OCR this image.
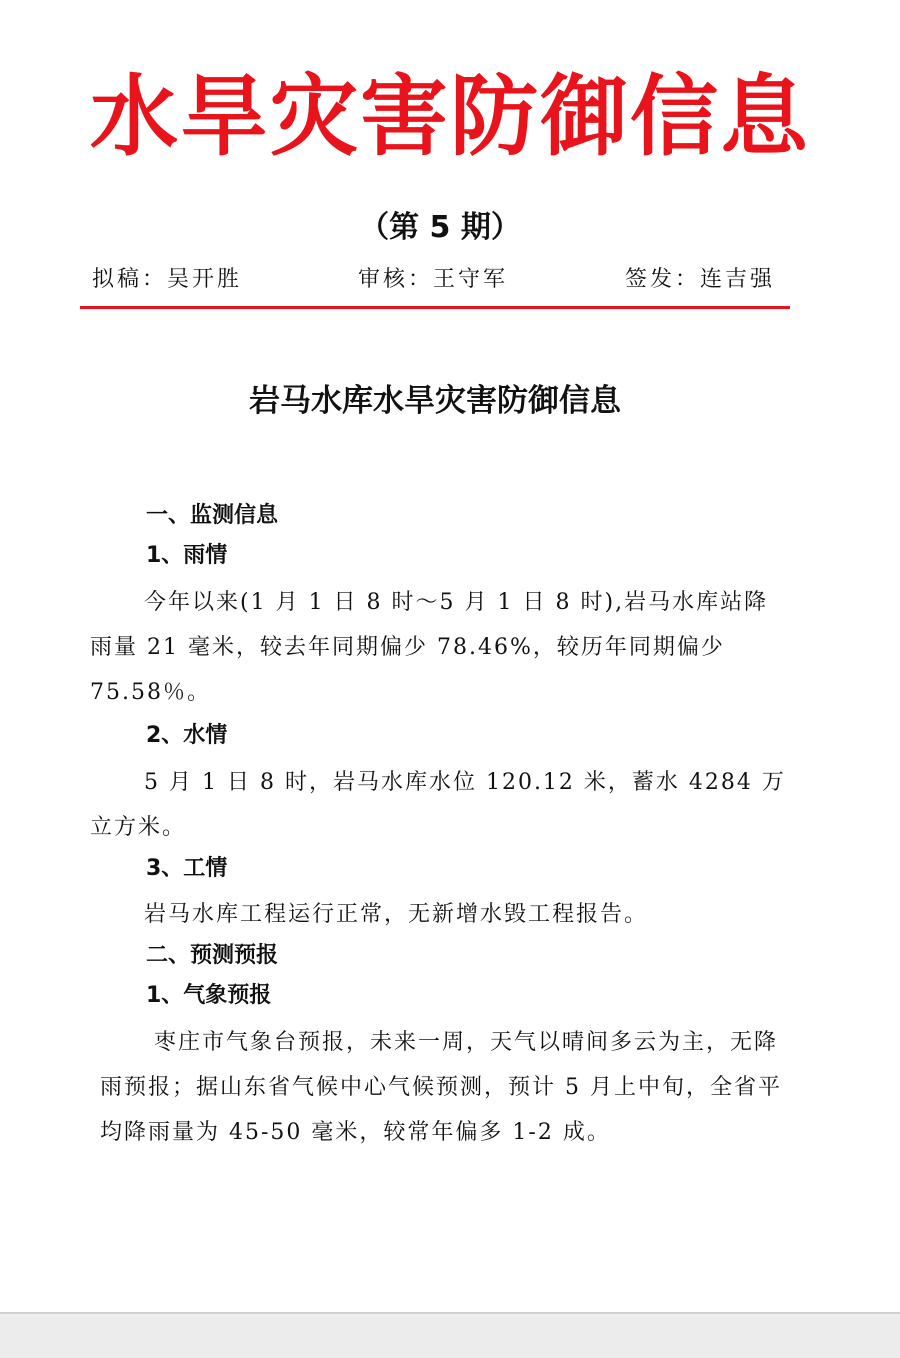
水旱灾害防御信息
（第 5 期）
拟稿：吴开胜	审核：王守军	签发：连吉强
岩马水库水旱灾害防御信息
一、监测信息
1、雨情
今年以来(1 月 1 日 8 时～5 月 1 日 8 时),岩马水库站降雨量 21 毫米，较去年同期偏少 78.46%，较历年同期偏少 75.58％。
2、水情
5 月 1 日 8 时，岩马水库水位 120.12 米，蓄水 4284 万立方米。
3、工情
岩马水库工程运行正常，无新增水毁工程报告。
二、预测预报
1、气象预报
枣庄市气象台预报，未来一周，天气以晴间多云为主，无降雨预报；据山东省气候中心气候预测，预计 5 月上中旬，全省平均降雨量为 45-50 毫米，较常年偏多 1-2 成。
